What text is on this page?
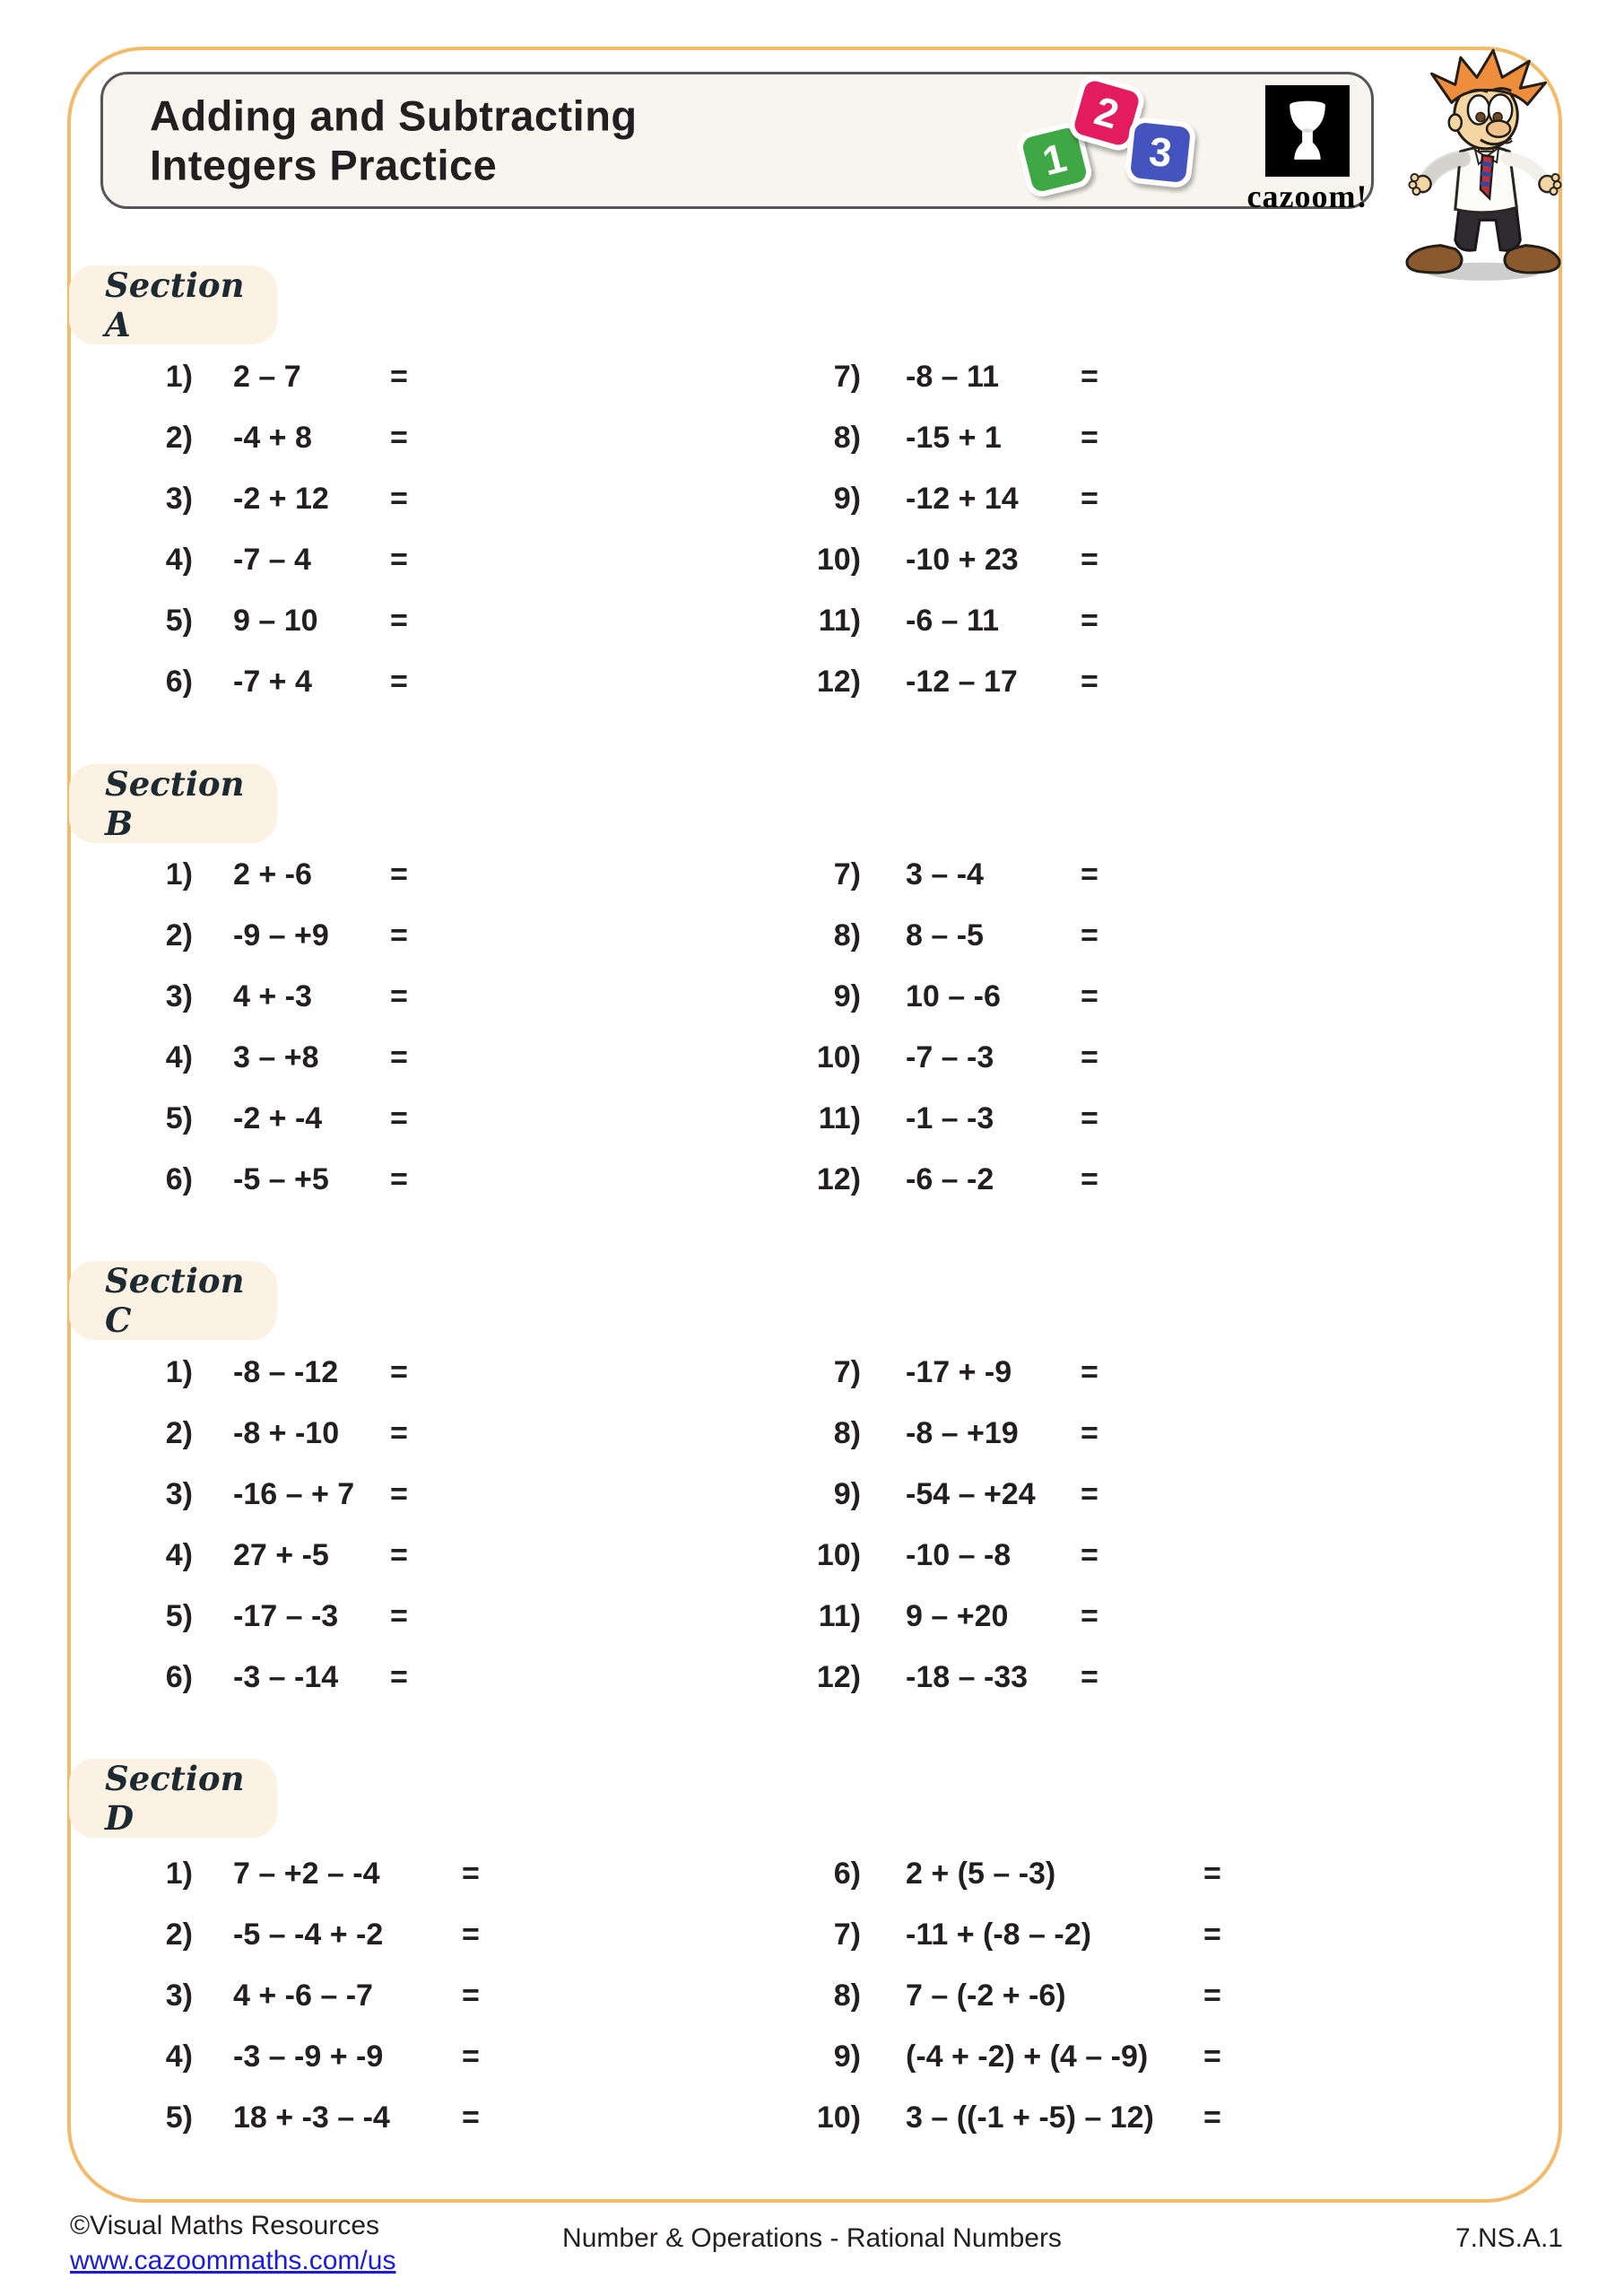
Adding and Subtracting
Integers Practice	1
2
3
cazoom!
Section A
1) 2 – 7	=
2) -4 + 8	=
3) -2 + 12	=
4) -7 – 4	=
5) 9 – 10	=
6) -7 + 4	=
7) -8 – 11	=
8) -15 + 1	=
9) -12 + 14	=
10) -10 + 23	=
11) -6 – 11	=
12) -12 – 17	=
Section B
1) 2 + -6	=
2) -9 – +9	=
3) 4 + -3	=
4) 3 – +8	=
5) -2 + -4	=
6) -5 – +5	=
7) 3 – -4	=
8) 8 – -5	=
9) 10 – -6	=
10) -7 – -3	=
11) -1 – -3	=
12) -6 – -2	=
Section C
1) -8 – -12	=
2) -8 + -10	=
3) -16 – + 7	=
4) 27 + -5	=
5) -17 – -3	=
6) -3 – -14	=
7) -17 + -9	=
8) -8 – +19	=
9) -54 – +24	=
10) -10 – -8	=
11) 9 – +20	=
12) -18 – -33	=
Section D
1) 7 – +2 – -4	=
2) -5 – -4 + -2	=
3) 4 + -6 – -7	=
4) -3 – -9 + -9	=
5) 18 + -3 – -4	=
6) 2 + (5 – -3)	=
7) -11 + (-8 – -2)	=
8) 7 – (-2 + -6)	=
9) (-4 + -2) + (4 – -9)	=
10) 3 – ((-1 + -5) – 12)	=
©Visual Maths Resources
www.cazoommaths.com/us
Number & Operations - Rational Numbers	7.NS.A.1
